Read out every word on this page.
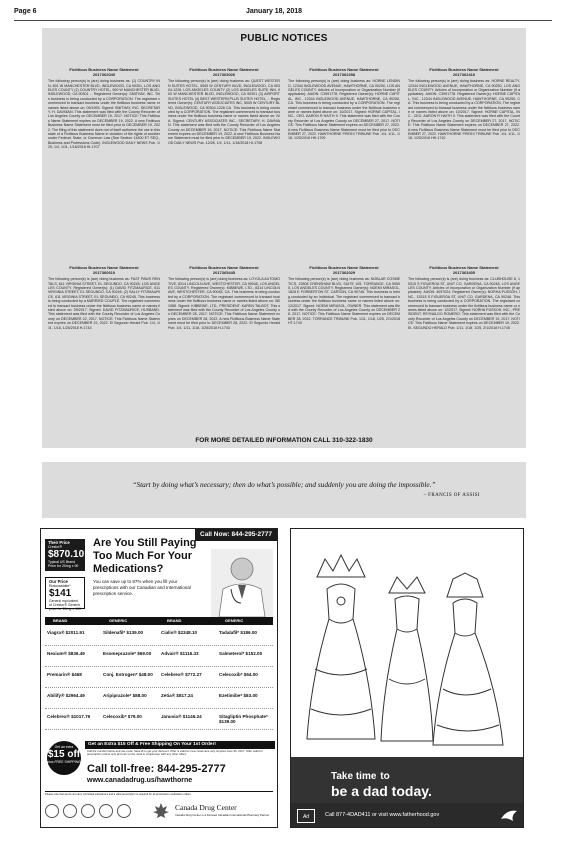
Page 6	January 18, 2018
PUBLIC NOTICES
Fictitious Business Name Statement
2017362040
The following person(s) is (are) doing business as: (1) COUNTRY INN, 801 W MANCHESTER BLVD, INGLEWOOD, CA 90301, LOS ANGELES COUNTY (2) COUNTRY HOTEL, 900 W MANCHESTER BLVD, INGLEWOOD, CA 90301 ... Registered Owner(s): SMITHAY, INC. This business is being conducted by a CORPORATION. The registrant commenced to transact business under the fictitious business name or names listed above on: 09/1993. Signed: SMITHAY, INC. SECRETARY, H. DAVNIAN. This statement was filed with the County Recorder of Los Angeles County on DECEMBER 19, 2017. NOTICE: This Fictitious Name Statement expires on DECEMBER 19, 2022. A new Fictitious Business Name Statement must be filed prior to DECEMBER 19, 2022. The filing of this statement does not of itself authorize the use in this state of a Fictitious Business Name in violation of the rights of another under Federal, State, or Common Law (See Section 14400 ET SEQ., Business and Professions Code). INGLEWOOD DAILY NEWS Pub. 1/25, 1/4, 1/11, 1/18/2018 HI-1707
Fictitious Business Name Statement
2017363026
The following person(s) is (are) doing business as: QUEST WESTERN SUITES HOTEL, 5005 W CENTURY BLVD, INGLEWOOD, CA 90304-1226, LOS ANGELES COUNTY (2) LOS ANGELES SUITE INN, 900 W MANCHESTER BLVD, INGLEWOOD, CA 90301 (3) AIRPORT SUITES HOTEL (4) BEST WESTERN PLUS SUITES HOTEL ... Registered Owner(s): CENTURY ASSOCIATES INC, 5005 W CENTURY BLVD, INGLEWOOD, CA 90304-1226 CA. This business is being conducted by a CORPORATION. The registrant commenced to transact business under the fictitious business name or names listed above on: N/A. Signed: CENTURY ASSOCIATES INC., SECRETARY, H. DAVNIAN. This statement was filed with the County Recorder of Los Angeles County on DECEMBER 19, 2017. NOTICE: This Fictitious Name Statement expires on DECEMBER 19, 2022. A new Fictitious Business Name Statement must be filed prior to DECEMBER 19, 2022. INGLEWOOD DAILY NEWS Pub. 12/28, 1/4, 1/11, 1/18/2018 HI-1708
Fictitious Business Name Statement
2017362258
The following person(s) is (are) doing business as: HORNE LENDING, 12344 INGLEWOOD AVENUE, HAWTHORNE, CA 90250, LOS ANGELES COUNTY. Articles of Incorporation or Organization Number (if applicable): AI#ON: C3991778. Registered Owner(s): HORNE CAPITAL, INC., 12344 INGLEWOOD AVENUE, HAWTHORNE, CA 90250, CA. This business is being conducted by a CORPORATION. The registrant commenced to transact business under the fictitious business name or names listed above on: 10/2017. Signed: HORNE CAPITAL, INC., CEO, AARON R HAITH II. This statement was filed with the County Recorder of Los Angeles County on DECEMBER 27, 2017. NOTICE: This Fictitious Name Statement expires on DECEMBER 27, 2022. A new Fictitious Business Name Statement must be filed prior to DECEMBER 27, 2022. HAWTHORNE PRESS TRIBUNE Pub. 1/4, 1/11, 1/18, 1/25/2018 HH-1709
Fictitious Business Name Statement
2017362410
The following person(s) is (are) doing business as: HORNE REALTY, 12344 INGLEWOOD AVENUE, HAWTHORNE, CA 90250, LOS ANGELES COUNTY. Articles of Incorporation or Organization Number (if applicable): AI#ON: C3991778. Registered Owner(s): HORNE CAPITAL, INC., 12344 INGLEWOOD AVENUE, HAWTHORNE, CA 90250, CA. This business is being conducted by a CORPORATION. The registrant commenced to transact business under the fictitious business name or names listed above on: 10/2017. Signed: HORNE CAPITAL, INC., CEO, AARON R HAITH II. This statement was filed with the County Recorder of Los Angeles County on DECEMBER 27, 2017. NOTICE: This Fictitious Name Statement expires on DECEMBER 27, 2022. A new Fictitious Business Name Statement must be filed prior to DECEMBER 27, 2022. HAWTHORNE PRESS TRIBUNE Pub. 1/4, 1/11, 1/18, 1/25/2018 HH-1710
Fictitious Business Name Statement
2017360610
The following person(s) is (are) doing business as: FAST PAWS RENTALS, 611 VIRGINIA STREET, EL SEGUNDO, CA 90245, LOS ANGELES COUNTY. Registered Owner(s): (1) DAVID FITZMAURICE, 611 VIRGINIA STREET, EL SEGUNDO, CA 90245. (2) SALLY FITZMAURICE, 611 VIRGINIA STREET, EL SEGUNDO, CA 90245. This business is being conducted by a MARRIED COUPLE. The registrant commenced to transact business under the fictitious business name or names listed above on: 09/2017. Signed: DAVID FITZMAURICE, HUSBAND. This statement was filed with the County Recorder of Los Angeles County on DECEMBER 22, 2017. NOTICE: This Fictitious Name Statement expires on DECEMBER 22, 2022. El Segundo Herald Pub. 1/4, 1/11, 1/18, 1/25/2018 H-1743
Fictitious Business Name Statement
2017365445
The following person(s) is (are) doing business as: LOYOLA AUTOMOTIVE, 8314 LINCOLN AVE, WESTCHESTER, CA 90045, LOS ANGELES COUNTY. Registered Owner(s): KIBBEWE, LTD., 8314 LINCOLN AVE, WESTCHESTER, CA 90045, CA. This business is being conducted by a CORPORATION. The registrant commenced to transact business under the fictitious business name or names listed above on: 08/1988. Signed: KIBBEWE, LTD., PRESIDENT, KAREN TALBOT. This statement was filed with the County Recorder of Los Angeles County on DECEMBER 28, 2017. NOTICE: This Fictitious Name Statement expires on DECEMBER 28, 2022. A new Fictitious Business Name Statement must be filed prior to DECEMBER 28, 2022. El Segundo Herald Pub. 1/4, 1/11, 1/18, 1/25/2018 H-1743
Fictitious Business Name Statement
2017362029
The following person(s) is (are) doing business as: NOBLAR COSMETICS, 22808 CRENSHAW BLVD, SUITE 105, TORRANCE, CA 90505, LOS ANGELES COUNTY. Registered Owner(s): NOEMI MIRASOL, 1828 E FORBERTON ST, CARSON, CA 90746. This business is being conducted by an Individual. The registrant commenced to transact business under the fictitious business name or names listed above on: 12/2017. Signed: NOEMI MIRASOL, OWNER. This statement was filed with the County Recorder of Los Angeles County on DECEMBER 28, 2017. NOTICE: This Fictitious Name Statement expires on DECEMBER 28, 2022. TORRANCE TRIBUNE Pub. 1/11, 1/18, 1/25, 2/1/2018 HT-1744
Fictitious Business Name Statement
2017363405
The following person(s) is (are) doing business as: CLUBHOUSE 8, 15315 S FIGUEROA ST, UNIT CO, GARDENA, CA 90248, LOS ANGELES COUNTY. Articles of Incorporation or Organization Number (if applicable): AI#ON: 4097024. Registered Owner(s): NORHA PUSSOH, INC., 15315 S FIGUEROA ST, UNIT CO, GARDENA, CA 90248. This business is being conducted by a CORPORATION. The registrant commenced to transact business under the fictitious business name or names listed above on: 12/2017. Signed: NORHA PUSSOH, INC., PRESIDENT, REYNALDO ROMERO. This statement was filed with the County Recorder of Los Angeles County on DECEMBER 19, 2017. NOTICE: This Fictitious Name Statement expires on DECEMBER 19, 2022. EL SEGUNDO HERALD Pub. 1/11, 1/18, 1/25, 2/1/2018 H-1745
FOR MORE DETAILED INFORMATION CALL 310-322-1830
“Start by doing what’s necessary; then do what’s possible; and suddenly you are doing the impossible.”
– FRANCIS OF ASSISI
Call Now: 844-295-2777
Their Price
Crestor®
$870.10
Typical US Brand Price for 20mg x 90
Our Price
Rosuvastatin*
$141
Generic equivalent of Crestor® Generic price for 20mg x 100
Are You Still Paying Too Much For Your Medications?
You can save up to 97% when you fill your prescriptions with our Canadian and International prescription service.
BRAND	GENERIC	BRAND	GENERIC
Viagra® $2011.91	Sildenafil* $139.00	Cialis® $2348.10	Tadalafil* $186.00
Nexium® $836.49	Esomeprazole* $69.00 Advair® $1116.33	Salmeterol* $152.00
Premarin® $468	Conj. Estrogen* $48.00 Celebrex® $772.27	Celecoxib* $64.00
Abilify® $2964.49	Aripiprazole* $88.00	Zetia® $817.24	Ezetimibe* $83.00
Celebrex® $1017.76	Celecoxib* $79.00	Januvia® $1146.24	Sitagliptin Phosphate* $139.00
Get an extra
$15 off
plus FREE SHIPPING
Get an Extra $15 Off & Free Shipping On Your 1st Order!
Call the number below and use code: Save15 to get your discount. Offer is valid for new customers only. Expires June 30, 2017. Offer valid for prescription orders only and can not be used in conjunction with any other offers.
Call toll-free: 844-295-2777
www.canadadrug.us/hawthorne
Please note that we do not carry controlled substances and a valid prescription is required for all prescription medication orders.
Canada Drug Center
Canada Drug Center is a licensed Canadian International Pharmacy Partner
Take time to
be a dad today.
Ad	Call 877-4DAD411 or visit www.fatherhood.gov
